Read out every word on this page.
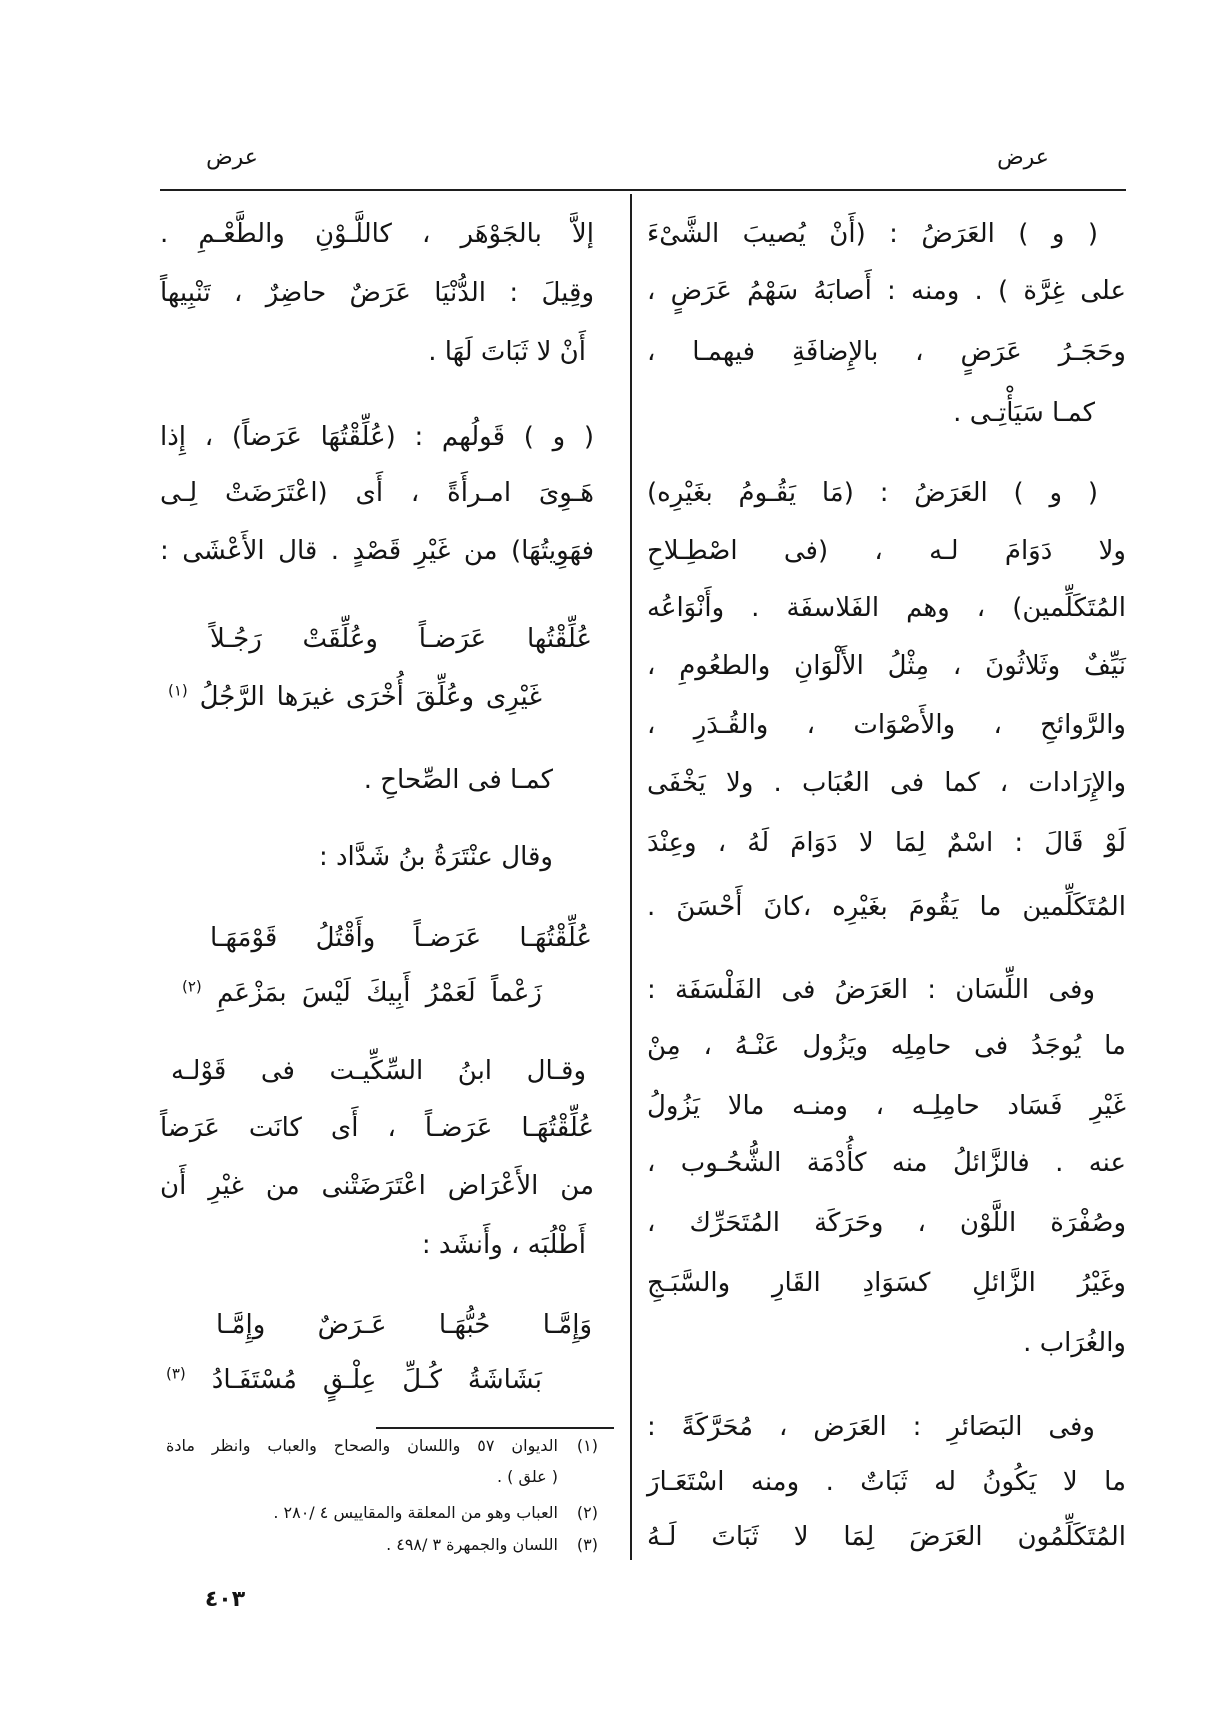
عرض
عرض
( و ) العَرَضُ : (أَنْ يُصيبَ الشَّىْءَ
على غِرَّة ) . ومنه : أَصابَهُ سَهْمُ عَرَضٍ ،
وحَجَـرُ عَرَضٍ ، بالإِضافَةِ فيهمـا ،
كمـا سَيَأْتِـى .
( و ) العَرَضُ : (مَا يَقُـومُ بغَيْرِه)
ولا دَوَامَ لـه ، (فى اصْطِـلاحِ
المُتَكَلِّمين) ، وهم الفَلاسفَة . وأَنْوَاعُه
نَيِّفٌ وثَلاثُونَ ، مِثْلُ الأَلْوَانِ والطعُومِ ،
والرَّوائحِ ، والأَصْوَات ، والقُـدَرِ ،
والإِرَادات ، كما فى العُبَاب . ولا يَخْفَى
لَوْ قَالَ : اسْمٌ لِمَا لا دَوَامَ لَهُ ، وعِنْدَ
المُتَكَلِّمين ما يَقُومَ بغَيْرِه ،كانَ أَحْسَنَ .
وفى اللِّسَان : العَرَضُ فى الفَلْسَفَة :
ما يُوجَدُ فى حامِلِه ويَزُول عَنْـهُ ، مِنْ
غَيْرِ فَسَاد حامِلِـه ، ومنـه مالا يَزُولُ
عنه . فالزَّائلُ منه كأُدْمَة الشُّحُـوب ،
وصُفْرَة اللَّوْن ، وحَرَكَة المُتَحَرِّك ،
وغَيْرُ الزَّائلِ كسَوَادِ القَارِ والسَّبَـجِ
والغُرَاب .
وفى البَصَائرِ : العَرَض ، مُحَرَّكَةً :
ما لا يَكُونُ له ثَبَاتٌ . ومنه اسْتَعَـارَ
المُتَكَلِّمُون العَرَضَ لِمَا لا ثَبَاتَ لَـهُ
إلاَّ بالجَوْهَر ، كاللَّـوْنِ والطَّعْـمِ .
وقِيلَ : الدُّنْيَا عَرَضٌ حاضِرٌ ، تَنْبِيهاً
أَنْ لا ثَبَاتَ لَهَا .
( و ) قَولُهم : (عُلِّقْتُهَا عَرَضاً) ، إِذا
هَـوِىَ امـرأَةً ، أَى (اعْتَرَضَتْ لِـى
فهَوِيتُهَا) من غَيْرِ قَصْدٍ . قال الأَعْشَى :
عُلِّقْتُها عَرَضـاً وعُلِّقَتْ رَجُـلاً
غَيْرِى وعُلِّقَ أُخْرَى غيرَها الرَّجُلُ $^{(١)}$
كمـا فى الصِّحاحِ .
وقال عنْتَرَةُ بنُ شَدَّاد :
عُلِّقْتُهَـا عَرَضـاً وأَقْتُلُ قَوْمَهَـا
زَعْماً لَعَمْرُ أَبِيكَ لَيْسَ بمَزْعَمِ $^{(٢)}$
وقـال ابنُ السِّكِّيـت فى قَوْلـه
عُلِّقْتُهَـا عَرَضـاً ، أَى كانَت عَرَضاً
من الأَعْرَاض اعْتَرَضَتْنى من غيْرِ أَن
أَطْلُبَه ، وأَنشَد :
وَإِمَّـا حُبُّهَـا عَـرَضٌ وإِمَّـا
بَشَاشَةُ كُـلِّ عِلْـقٍ مُسْتَفَـادُ $^{(٣)}$
(١)
الديوان ٥٧ واللسان والصحاح والعباب وانظر مادة
( علق ) .
(٢)
العباب وهو من المعلقة والمقاييس ٤ /٢٨٠ .
(٣)
اللسان والجمهرة ٣ /٤٩٨ .
٤٠٣
